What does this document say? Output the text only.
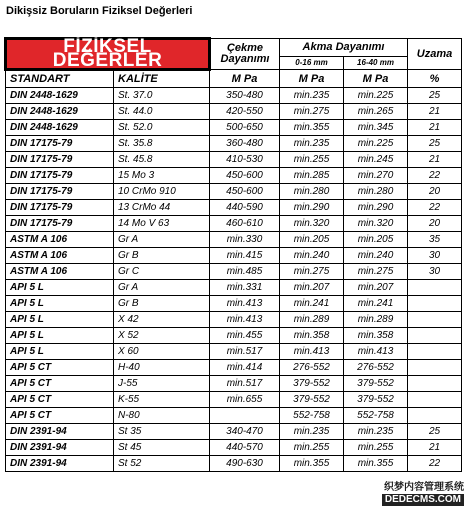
Dikişsiz Boruların Fiziksel Değerleri
FİZİKSEL DEĞERLER		Çekme
Dayanımı	Akma Dayanımı		Uzama
			0-16 mm	16-40 mm	
STANDART	KALİTE	M Pa	M Pa	M Pa	%
DIN 2448-1629	St. 37.0	350-480	min.235	min.225	25
DIN 2448-1629	St. 44.0	420-550	min.275	min.265	21
DIN 2448-1629	St. 52.0	500-650	min.355	min.345	21
DIN 17175-79	St. 35.8	360-480	min.235	min.225	25
DIN 17175-79	St. 45.8	410-530	min.255	min.245	21
DIN 17175-79	15 Mo 3	450-600	min.285	min.270	22
DIN 17175-79	10 CrMo 910	450-600	min.280	min.280	20
DIN 17175-79	13 CrMo 44	440-590	min.290	min.290	22
DIN 17175-79	14 Mo V 63	460-610	min.320	min.320	20
ASTM A 106	Gr A	min.330	min.205	min.205	35
ASTM A 106	Gr B	min.415	min.240	min.240	30
ASTM A 106	Gr C	min.485	min.275	min.275	30
API 5 L	Gr A	min.331	min.207	min.207	
API 5 L	Gr B	min.413	min.241	min.241	
API 5 L	X 42	min.413	min.289	min.289	
API 5 L	X 52	min.455	min.358	min.358	
API 5 L	X 60	min.517	min.413	min.413	
API 5 CT	H-40	min.414	276-552	276-552	
API 5 CT	J-55	min.517	379-552	379-552	
API 5 CT	K-55	min.655	379-552	379-552	
API 5 CT	N-80		552-758	552-758	
DIN 2391-94	St 35	340-470	min.235	min.235	25
DIN 2391-94	St 45	440-570	min.255	min.255	21
DIN 2391-94	St 52	490-630	min.355	min.355	22
织梦内容管理系统
DEDECMS.COM
